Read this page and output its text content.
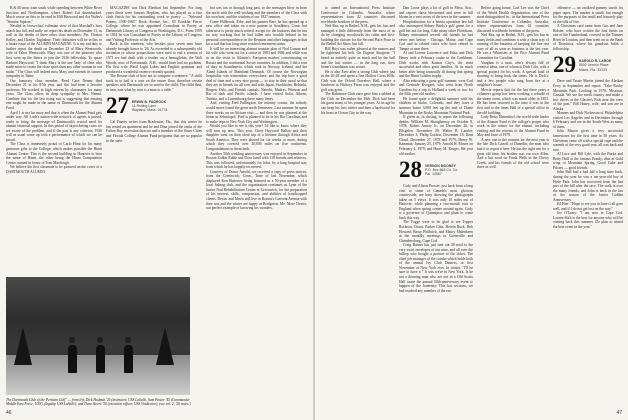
B & M snow train south while speeding between White River Junction and Northampton, where Robert Caí disembarked. Much worse on this to be read in Hill Harwood and Art Wales's "Senator Squirm."

Nestled in 'cross-class' isthmian view of that Marshall's hors attack last fall, and sadly we report his death on December 11, as well as the deaths of three other class members: Pvt. Clinton Kelley, and Charles Tagliabue. Their obituaries will be in this or a future issue of the ALUMNI MAGAZINE. It is my sad duty to further report the death on December 23 of Mary Wentworth, wife of Tabor Wentworth. Mary was one of the pioneers who first went up the Sierra to join the 1926 fellowship. To quote Barbara Haywood: "I think Mary is the one 'lady' of class who made more to create the close spirit than any other woman in our midst." The Class will indeed miss Mary and extends its sincere sympathy to Tabor.

Our honorary class member, Reed Case Nenmi died December 21 in his 87th year, and tho' had been a favorite professor. He worked in high esteem by classmates for many years. The Class offers its deep sympathy to Mrs. Nenmi. Combine that for the last rising sun is suggesting that ensuing one might be made in the name of Dartmouth for the Alumni Fund.

April 1 is not far away and that is when the Alumni Fund gets under way. All Loeb's nation-wide network of agents is poised, ready to bring the message of Dartmouth's crucial need for alumni financial support. In this period of skyrocketing costs we are aware of the problem, and if the past is any criterion, 1926 will as usual come up with a performance of which we can be proud.

The Class is immensely proud of Carlo Himi for his many generous gifts to the College, which makes possible the Hinni Alumni Center. This is the second building in Hanover to bear the name of Hinni, the other being the Hinni Computation Center, named in honor of Tom Murdough.

We believe the first classmate to be pictured on the cover of a DARTMOUTH ALUMNI

MAGAZINE was Dick Eberhart last September. For long years those were famous Hopkins, who has played so a fine cloth finish for his outstanding work in poetry — "Selected Poems, 1930-1965" Book Avenue, Inc., 85 Franklin Pierce College, where he was appointed Consultant in Poetry at Dartmouth Library of Congress in Washington, D.C. From 1959 to 1961 he was Consultant in Poetry at the Library of Congress and Visiting Professor of the Arts.

Back in the nineteen, who besides poor seven men have already brought honor to '26. As exceeded to a subsequently old invitation or whose propositions were used to end a sermon of 1971 we had dealt with a feather on a hemoglobin, the Wali Woods, now of Portsmouth, N.H., would have had no problem. His first wife Wasil Light Lakes and English grammar and produced a wonderful essence recently quoted.

The Boston club of how not to compose a sentence: "A child track in to hail is a corn on the entree floor, therefore certain speakers with Dartmouth are so used to the child. The child then, in turn, eats what by now is a man or a table."

27 ERWIN B. PADROCK
11 Rolling Lane
Wayland, Mass. 01778

Cal Finerty writes from Bradenton, Fla., that this winter he has rented an apartment and he and Dina joined the ranks of the Fulton Bay recreation director and a member of the Sister Cities and Florida College Alumni Fund programs that are so popular in the state.

but was ion or through long past, so the messages blew in from the north with the well-wishing and the members of the Class with his own best, and the wisdom of our 1927 reunion.

Come Hillbrook, Erbe, and his partner Bert, he has opened up a new office and taken on a new partner in Southbury, Conn. but otherwise is pretty much retired, except for the business that he has no way working that he had fallen into trouble behind in his personal correspondence on the Reunion and other languages in that for a sail that has long since reached retirement status.

It will be an interesting alumni reunion plan of Ned Coman and his wife who went out for a cruise in 1983 and 1984 and while was in on the visits to Atlantic's European market, concentrating on Russia and the continental Soviet countries. In addition, I did a tour of duty in Scandinavia, which took in Norway, Iceland, and the Aland Islands of Mainland Denmark. Of course the Norwegian hospitality was tremendous everywhere, and the trip bore a good deal of time and a very nice group — to stay in their usual so-that they are in friends for all over and with Japan, Stockholm, Helsinki, Bergen, Oslo, and Finnish capitals, Nairobi, Madras, Winston and Rio of dark and Pacific islands. I have visited Sofia, Athens, Tunisia, and a Luxembourg there many times.

And, visiting Fred Fullington, the infantry cousin, the nobody would move found the great north Tennessee. Last summer he spent three weeks on an African visit — and then he was planned at the home in Sebastopol. Fred is planned to be in his Rio Carolinas and to make trips to New York City and Washington.

Would you like to see it this year? I'd like to know where they will turn up next. This year, Cheri Hayward Hallan and their daughter went on their ideal trip of a lifetime through Africa and South America. They were aboard for six weeks or more, during which they covered over 20,000 miles on five continents. Congratulations to them both.

Another 50th wedding anniversary was enjoyed in September in Boston Zolkin Eddie and Dora Jamil with 118 friends and relatives. This was followed, unfortunately for John, by a long hospital stay from which he has happily recovered.

Courtesy of Donor Arnold, we received a copy of press notices, from the Greenwich, Conn., Time of last November, which displayed Ken Butterow being honored as a 50-year member of a local fishing club, and the organization continues as Lynn of the Junior Nad Rehabilitation Center at Greenwich, for the preparation of his interest, skills, compassion, and abilities of handicapped clients. Dexter and Mavis still live in Boston's Convent Avenue with their son and the winter are happy at Bridgeton, Me. More Dexter, our perfect example of knowing his wonders.

The Dartmouth Club of the Perisian Gulf" — from left, Dick Hudnutt '26 (instructor, USS LaSalle, Sam Pastor '45 (Commander Middle East Force, USN), flagship USS LaSalle), and Dave Steere '36 (executive officer, USS Vindicator), (see col. 2, '26 notes.)
46

to attend an International Press Institute Conference in Columbo, Australia, where representatives from 42 countries discussed worldwide freedom of the press.

Ned Rea, up in Bethel, N.H., gets his fun, and managed a little differently from the most of us do by changing woodworks his cabin and first-building the cloister for the Second Place Prize in the Bethel Art Show last fall.

Bill Hoyt was rather pleased at the rumors and he tightened his belt. On Eugene Sturgeon: "I heard an entirely quite as much and by the hall and the last winter — in the long run, their home's foundation was secure.

He is also Ever after a strong Club where just in the 26-28 and spent a fine Hallow Cross Hills. Club was the Orford Travelers Hall, where a luncheon at Hickory Farm was enjoyed and the golf was great.

The Baltimore Club once gave him a tabbed at the Club on December the 26th. Dick had been his guest many of his younger years. At its age he can keep his first winter and then a hardwood for his heart in Ocean City in the way.

Dan Loose plays a lot of golf in Mesa, Ariz., and reports those blossomed and were in full bloom in a vast series of the trees in the summer.

Hospitalization for a hernia operation last fall also interrupted Sidney Hardy's golf game for a golf bet not for long. Like many other Floridians, Sidney entertained several old friends he had never met before - Chicago, Maine, and Cape Cod and in related cities who have retired to Tampa or near there.

Al and Lorene Lawrence and Edna and Dick Henry took a February cruise to the Caribbean. Dick works with Kansas City's, the most successful and other great families. At its much better after being unusually ill during that spring and the Hinni Golden trophy.

Also educating a great golf summer, were Carl and Gertrude Kvegard, who went from North Carolina for a trip to Holland a week or two for the 50th year old mother.

He found quite a delightful summer with his children in Idaho, Colorado, and they have a summer home 3,000 feet up the mid of Dome Mountain in the Rocky Mountain National Park.

If given as, in closing, to report the following deaths: William M. Shaughnessy on October 8, 1978; Robert Amory Jr., on December 26, in Ellsgelen, November 29; Walter B. Landor; December 3; Philip Gordon, December 18; Kent Cloud, December 27, 1978 and 1979; Henry W. Kamman, January 25, 1979; Arnold H. Moses on February 4, 1979; and Harry M. Kruger, 8th year old mother.

28 VERNON MOONEY
P.O. Box 668 Cir. Co.
Pal. 14567

Cody and Alison Prosser, just back from a long visit to some of Canada's most glorious countryside, are busy showing the photographs taken on 5 views. It was only 10 miles out of Hanover, while planning a two-month visit to England when spring comes around again. Cody is a governor of Quinnipiac and plans to come back this way.

The Fogge were to be glad to see Topper Rosbrow, Dawn, Parker Chin, Herein Buck, Bob Howard, Bassy Philbrick, and Maury Malenkeen at the monthly meetings in Greenville and Chambersburg, Cape Cod.

Craig Haines has just sent out 40 mail to the very exact envelopes of our nine, and all over the hilltop who bought a portion of the ticket. The chief job-manager of the combo which holds both of the annual Ivy Club Dinners, or first November at New York ever. In winter, "I'll be sure to have it " It was we're in New York. Is he not a thinning man who are not in a Old Scotts Hall cause the annual 50th-anniversary event to happen of the fraternity. This last sections, we had reached any member of the ear.

Before going home, Carl Lee was the Chief of the World Health Organization, one of the most distinguished in... in the International Press Institute Conference in Columbo, Australia, where representatives from 42 countries discussed worldwide freedom of the press.

Ned Rea, up in Bethel, N.H., gets his fun in many fields and combines it with a clean way of running of the business of keeping the fine rest cozy of all as soon as business is the last year. He ran a Whimsies at the Pico Alumni Fund Committee for Carolina.

Vaughan is a man, who's always full of creative ideas, one of whom is Dick Cole, with a special project for his work. A special kind of drawing to bring back the times. He is Dick's, and a few people who rang from fire at a neighbor's house.

Mercia reports that for the last three years a volunteer group has been working a rebuild of the steam room, which was much older in 1855. He has been restored to the time it was in the first and to the times Hall of a special office in the old building.

Lady Betsy Elmendorf, the world-wide leader of the Alumni Fund is the college's proper who work in the winter for the alumni, including visiting and the retreats of the Alumni Fund in May and June of 1979.

A new one to the reunion for the next year is the late Dick Carroll of Dunedin, the man who had it to report it here. He has the right one for a great old time; his brother was our own Allen. And a last word on Frank Wells in the Cherry Creek, and his friends of the old school were there as well.

offensive — an oxidized gummy starch for paper tapes. The market is small, but enough for the purposes of the small and leisurely play of the folk of five.

A Christmas card came from Gus and Jane Bolster, who have written the first thesis on one of the Cumberland, covered in the Thames River in London, and then went on to the Bank of Dominica, where his grandson holds a fellowship.

29 HAROLD R. LAROE
5000 Vernon Place
Miami, Fla. 33133

Dave and Tassie Martin joined the Alaskan Ferry in September and report: "Take Rocky Mountain Park. Looking in 1978, Missouri, Canada. We see the north country and make a few drives at the Glacier's Park near the view of the past." Bill Haney, wife, and son are in Alaska.

Mannes and Dick Nickerson of Philadelphia visited Los Angeles and in December through 6 February and are in the South-West as many of them.

John Mason gives a very successful Jamestown for the first time in 50 years. As Christmas came off with a special cape and the warmth of the very good year, all was back and rare.

Al Luce and Bill Lyle, with the Burke and Betty Hull at the famous Bondy, dine at Gold wing of Mountain Spring. Good Cake and Pilotes — good friends.

John Ball had a bad fall a long time back, during the year he was a ten-year-old boy at Hyde Park. John has recovered from the last part of the hill after the race. The walk is over the many friends, and John is back in the fun of the season of the Junior Golden Anniversary.

Ed Hier: "Hope to see you in June if all goes well, and if I do not get lost on the way."

Joe O'Leary: "I am now in Cape Cod. Lauren Stith is the best for anyone who will be coming back this summer. Do plan to attend the best event in the year."

47
